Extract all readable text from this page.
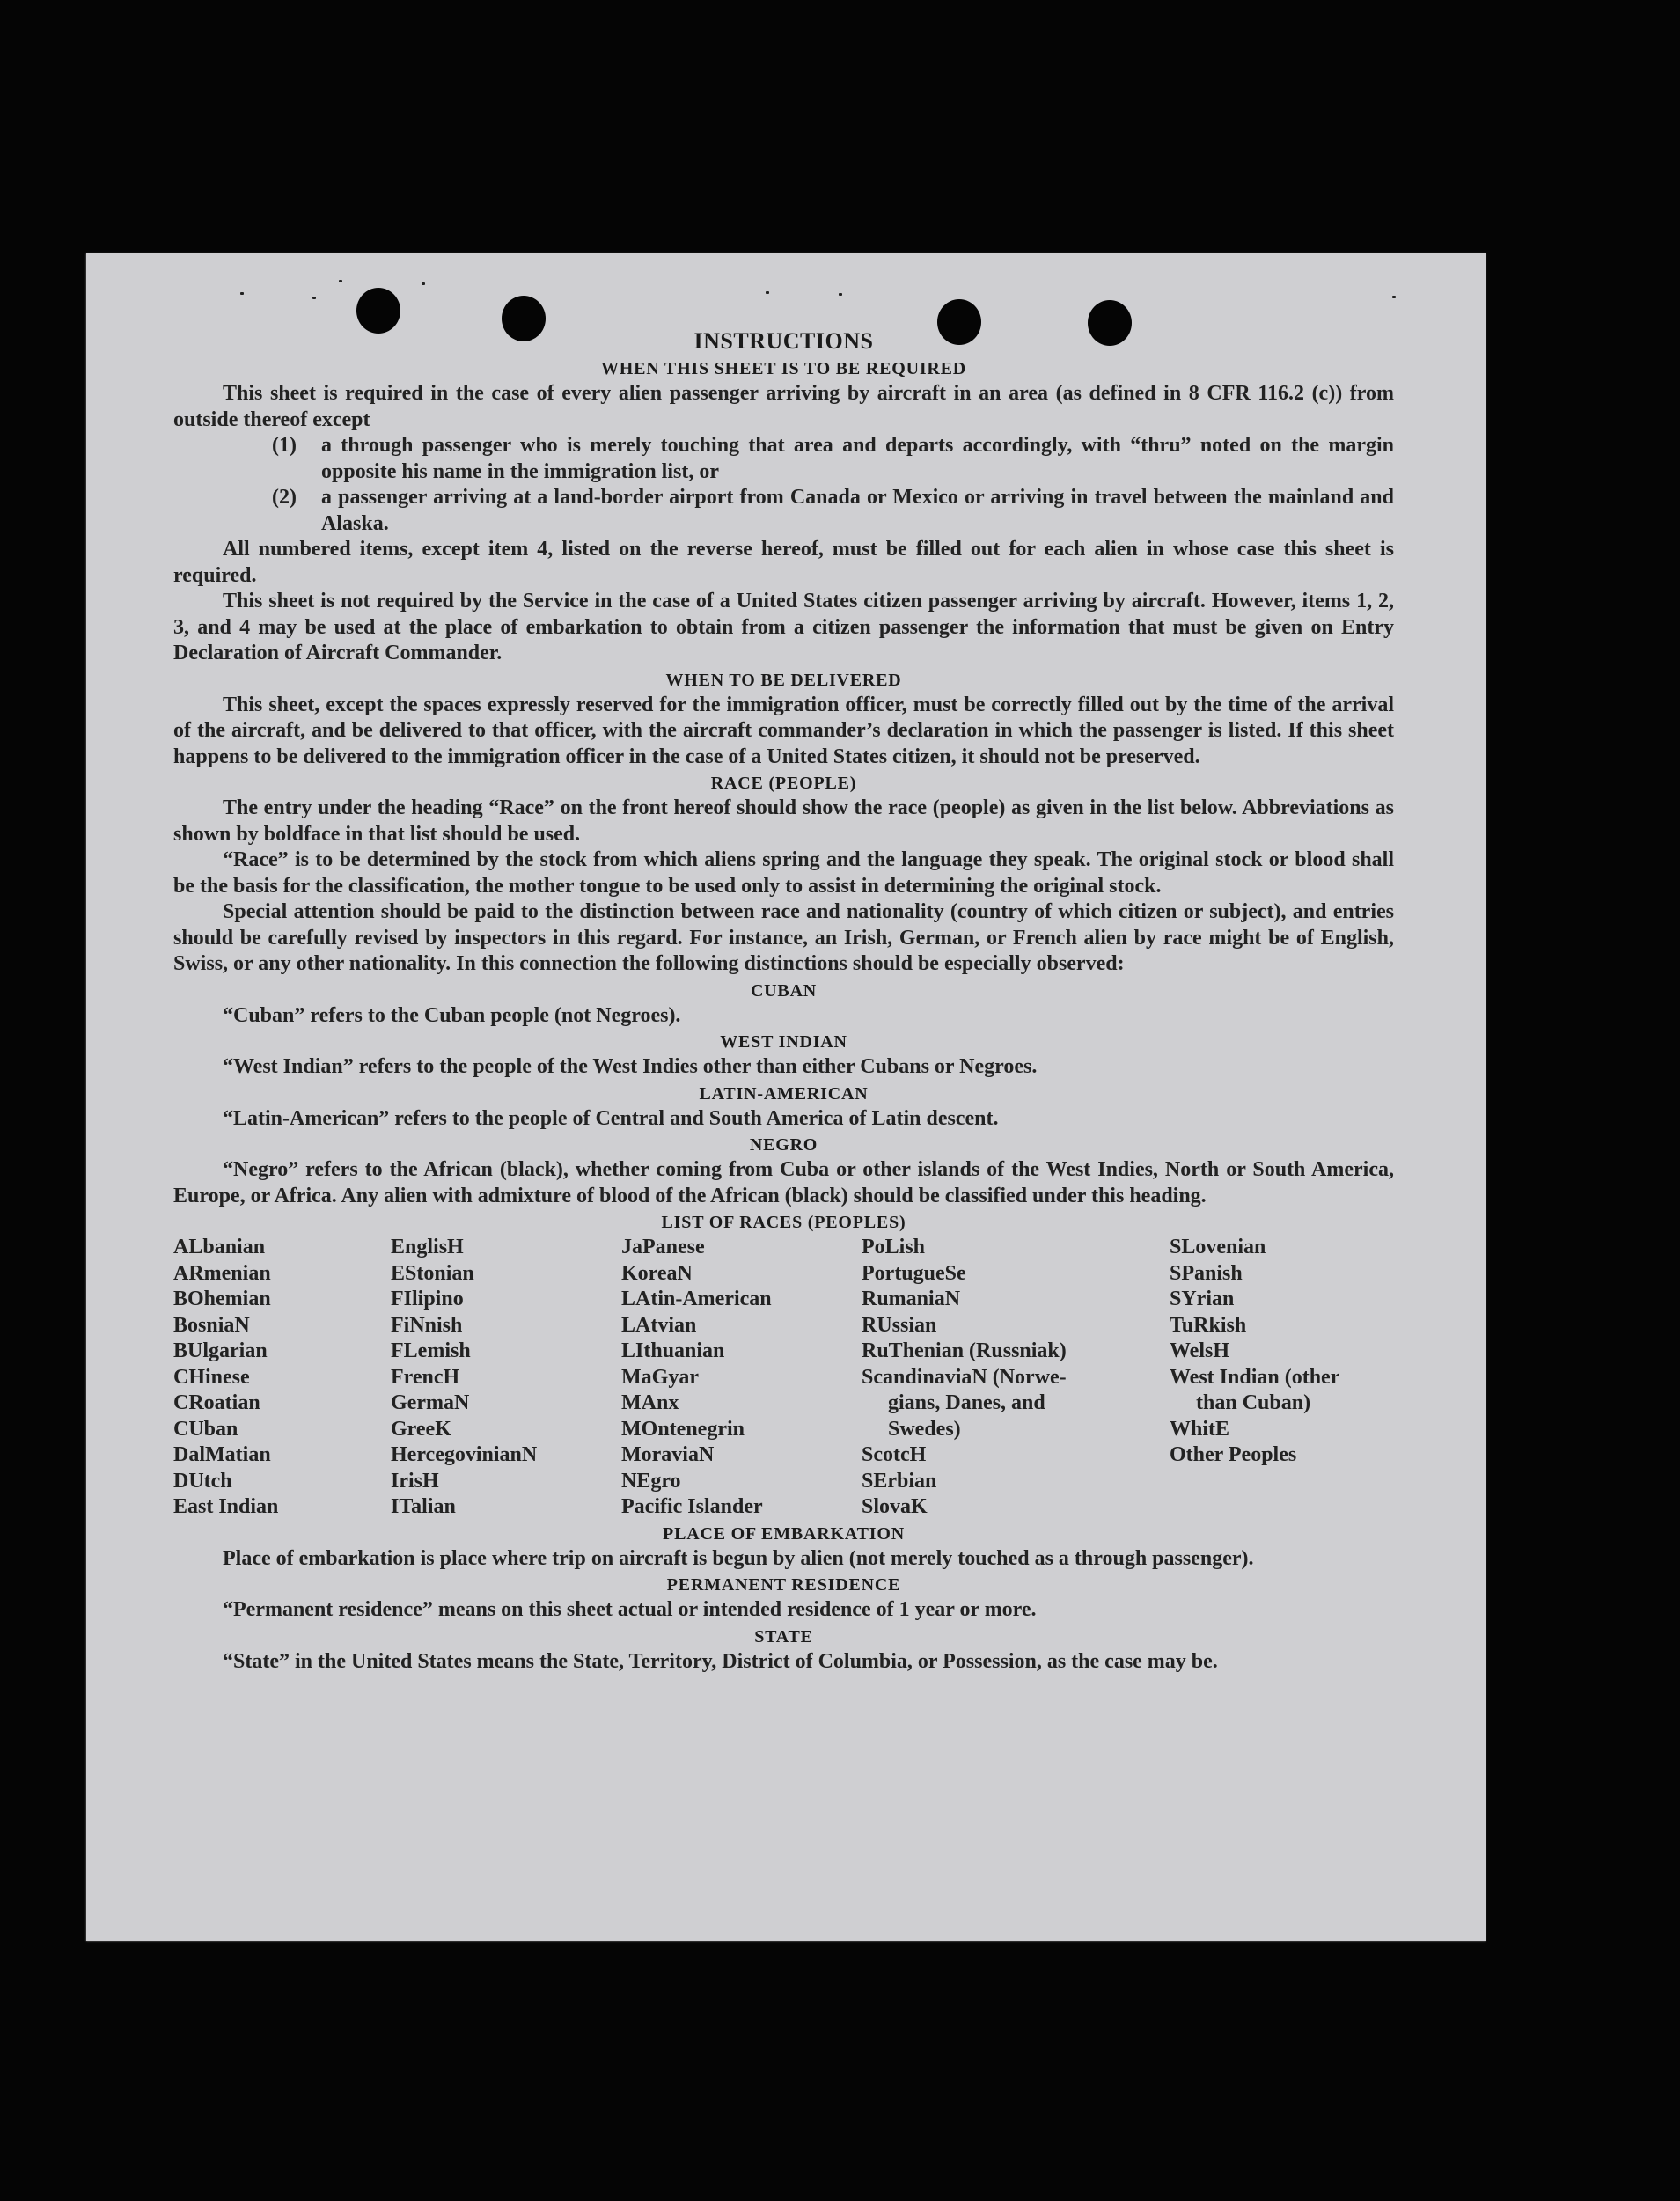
INSTRUCTIONS
WHEN THIS SHEET IS TO BE REQUIRED

This sheet is required in the case of every alien passenger arriving by aircraft in an area (as defined in 8 CFR 116.2 (c)) from outside thereof except

(1) a through passenger who is merely touching that area and departs accordingly, with “thru” noted on the margin opposite his name in the immigration list, or

(2) a passenger arriving at a land-border airport from Canada or Mexico or arriving in travel between the mainland and Alaska.

All numbered items, except item 4, listed on the reverse hereof, must be filled out for each alien in whose case this sheet is required.

This sheet is not required by the Service in the case of a United States citizen passenger arriving by aircraft. However, items 1, 2, 3, and 4 may be used at the place of embarkation to obtain from a citizen passenger the information that must be given on Entry Declaration of Aircraft Commander.

WHEN TO BE DELIVERED

This sheet, except the spaces expressly reserved for the immigration officer, must be correctly filled out by the time of the arrival of the aircraft, and be delivered to that officer, with the aircraft commander’s declaration in which the passenger is listed. If this sheet happens to be delivered to the immigration officer in the case of a United States citizen, it should not be preserved.

RACE (PEOPLE)

The entry under the heading “Race” on the front hereof should show the race (people) as given in the list below. Abbreviations as shown by boldface in that list should be used.

“Race” is to be determined by the stock from which aliens spring and the language they speak. The original stock or blood shall be the basis for the classification, the mother tongue to be used only to assist in determining the original stock.

Special attention should be paid to the distinction between race and nationality (country of which citizen or subject), and entries should be carefully revised by inspectors in this regard. For instance, an Irish, German, or French alien by race might be of English, Swiss, or any other nationality. In this connection the following distinctions should be especially observed:

CUBAN

“Cuban” refers to the Cuban people (not Negroes).

WEST INDIAN

“West Indian” refers to the people of the West Indies other than either Cubans or Negroes.

LATIN-AMERICAN

“Latin-American” refers to the people of Central and South America of Latin descent.

NEGRO

“Negro” refers to the African (black), whether coming from Cuba or other islands of the West Indies, North or South America, Europe, or Africa. Any alien with admixture of blood of the African (black) should be classified under this heading.

LIST OF RACES (PEOPLES)
ALbanian
ARmenian
BOhemian
BosniaN
BUlgarian
CHinese
CRoatian
CUban
DalMatian
DUtch
East Indian
EnglisH
EStonian
FIlipino
FiNnish
FLemish
FrencH
GermaN
GreeK
HercegovinianN
IrisH
ITalian
JaPanese
KoreaN
LAtin-American
LAtvian
LIthuanian
MaGyar
MAnx
MOntenegrin
MoraviaN
NEgro
Pacific Islander
PoLish
PortugueSe
RumaniaN
RUssian
RuThenian (Russniak)
ScandinaviaN (Norwe-
gians, Danes, and
Swedes)
ScotcH
SErbian
SlovaK
SLovenian
SPanish
SYrian
TuRkish
WelsH
West Indian (other
than Cuban)
WhitE
Other Peoples
PLACE OF EMBARKATION

Place of embarkation is place where trip on aircraft is begun by alien (not merely touched as a through passenger).

PERMANENT RESIDENCE

“Permanent residence” means on this sheet actual or intended residence of 1 year or more.

STATE

“State” in the United States means the State, Territory, District of Columbia, or Possession, as the case may be.
